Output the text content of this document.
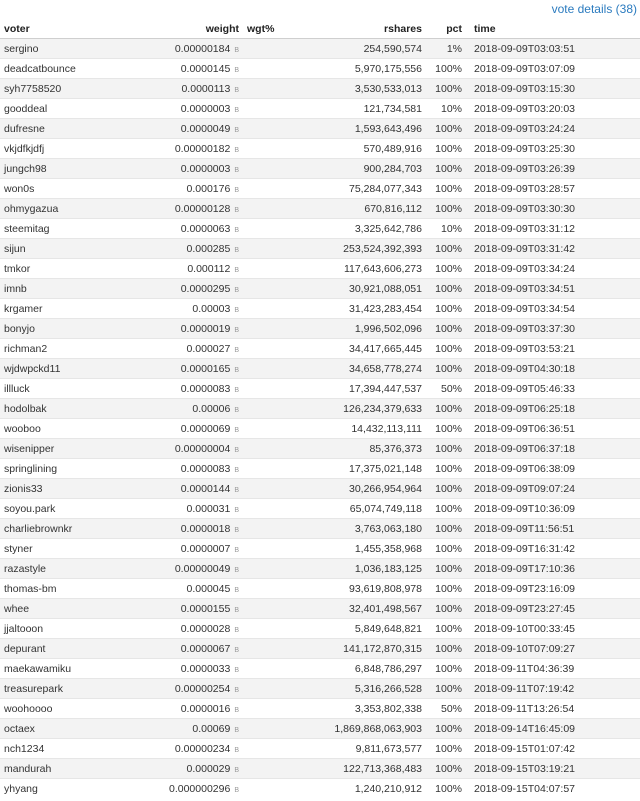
vote details (38)
voter	weight	wgt%	rshares	pct	time
sergino	0.00000184 B		254,590,574	1%	2018-09-09T03:03:51
deadcatbounce	0.0000145 B		5,970,175,556	100%	2018-09-09T03:07:09
syh7758520	0.0000113 B		3,530,533,013	100%	2018-09-09T03:15:30
gooddeal	0.0000003 B		121,734,581	10%	2018-09-09T03:20:03
dufresne	0.0000049 B		1,593,643,496	100%	2018-09-09T03:24:24
vkjdfkjdfj	0.00000182 B		570,489,916	100%	2018-09-09T03:25:30
jungch98	0.0000003 B		900,284,703	100%	2018-09-09T03:26:39
won0s	0.000176 B		75,284,077,343	100%	2018-09-09T03:28:57
ohmygazua	0.00000128 B		670,816,112	100%	2018-09-09T03:30:30
steemitag	0.0000063 B		3,325,642,786	10%	2018-09-09T03:31:12
sijun	0.000285 B		253,524,392,393	100%	2018-09-09T03:31:42
tmkor	0.000112 B		117,643,606,273	100%	2018-09-09T03:34:24
imnb	0.0000295 B		30,921,088,051	100%	2018-09-09T03:34:51
krgamer	0.00003 B		31,423,283,454	100%	2018-09-09T03:34:54
bonyjo	0.0000019 B		1,996,502,096	100%	2018-09-09T03:37:30
richman2	0.000027 B		34,417,665,445	100%	2018-09-09T03:53:21
wjdwpckd11	0.0000165 B		34,658,778,274	100%	2018-09-09T04:30:18
illluck	0.0000083 B		17,394,447,537	50%	2018-09-09T05:46:33
hodolbak	0.00006 B		126,234,379,633	100%	2018-09-09T06:25:18
wooboo	0.0000069 B		14,432,113,111	100%	2018-09-09T06:36:51
wisenipper	0.00000004 B		85,376,373	100%	2018-09-09T06:37:18
springlining	0.0000083 B		17,375,021,148	100%	2018-09-09T06:38:09
zionis33	0.0000144 B		30,266,954,964	100%	2018-09-09T09:07:24
soyou.park	0.000031 B		65,074,749,118	100%	2018-09-09T10:36:09
charliebrownkr	0.0000018 B		3,763,063,180	100%	2018-09-09T11:56:51
styner	0.0000007 B		1,455,358,968	100%	2018-09-09T16:31:42
razastyle	0.00000049 B		1,036,183,125	100%	2018-09-09T17:10:36
thomas-bm	0.000045 B		93,619,808,978	100%	2018-09-09T23:16:09
whee	0.0000155 B		32,401,498,567	100%	2018-09-09T23:27:45
jjaltooon	0.0000028 B		5,849,648,821	100%	2018-09-10T00:33:45
depurant	0.0000067 B		141,172,870,315	100%	2018-09-10T07:09:27
maekawamiku	0.0000033 B		6,848,786,297	100%	2018-09-11T04:36:39
treasurepark	0.00000254 B		5,316,266,528	100%	2018-09-11T07:19:42
woohoooo	0.0000016 B		3,353,802,338	50%	2018-09-11T13:26:54
octaex	0.00069 B		1,869,868,063,903	100%	2018-09-14T16:45:09
nch1234	0.00000234 B		9,811,673,577	100%	2018-09-15T01:07:42
mandurah	0.000029 B		122,713,368,483	100%	2018-09-15T03:19:21
yhyang	0.000000296 B		1,240,210,912	100%	2018-09-15T04:07:57
